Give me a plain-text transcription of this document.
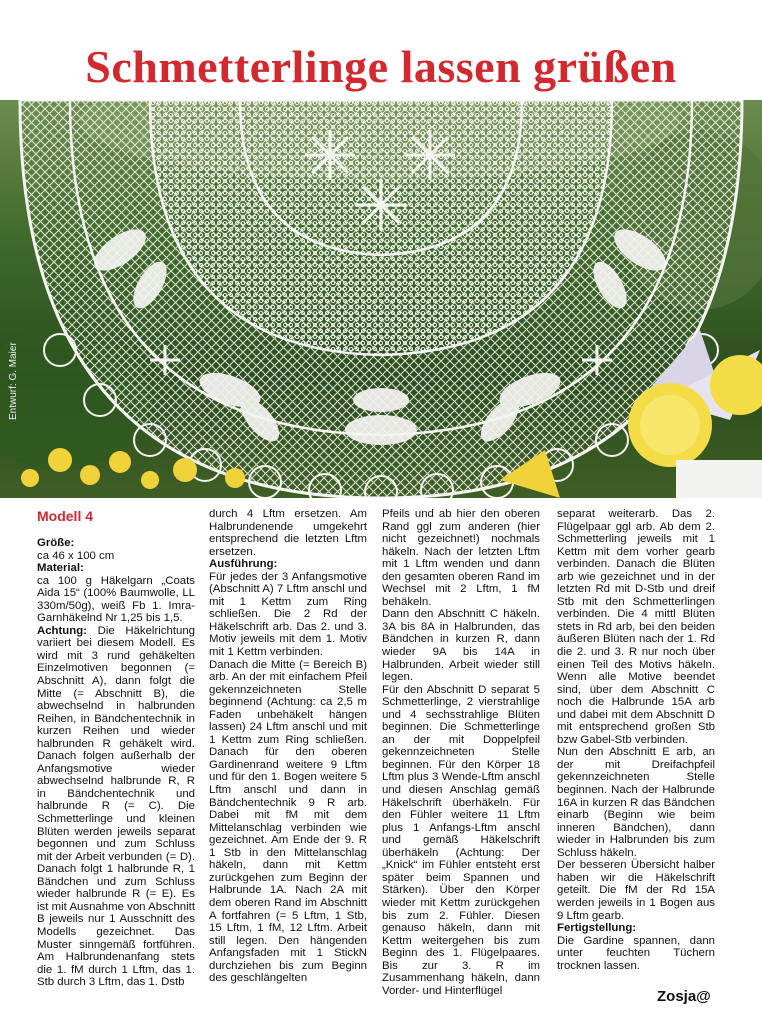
Schmetterlinge lassen grüßen
Entwurf: G. Maier

Modell 4

Größe:

ca 46 x 100 cm

Material:

ca 100 g Häkelgarn „Coats Aida 15“ (100% Baumwolle, LL 330m/50g), weiß Fb 1. Imra-Garnhäkelnd Nr 1,25 bis 1,5.

Achtung: Die Häkelrichtung variiert bei diesem Modell. Es wird mit 3 rund gehäkelten Einzelmotiven begonnen (= Abschnitt A), dann folgt die Mitte (= Abschnitt B), die abwechselnd in halbrunden Reihen, in Bändchentechnik in kurzen Reihen und wieder halbrunden R gehäkelt wird. Danach folgen außerhalb der Anfangsmotive wieder abwechselnd halbrunde R, R in Bändchentechnik und halbrunde R (= C). Die Schmetterlinge und kleinen Blüten werden jeweils separat begonnen und zum Schluss mit der Arbeit verbunden (= D). Danach folgt 1 halbrunde R, 1 Bändchen und zum Schluss wieder halbrunde R (= E). Es ist mit Ausnahme von Abschnitt B jeweils nur 1 Ausschnitt des Modells gezeichnet. Das Muster sinngemäß fortführen. Am Halbrundenanfang stets die 1. fM durch 1 Lftm, das 1. Stb durch 3 Lftm, das 1. Dstb

durch 4 Lftm ersetzen. Am Halbrundenende umgekehrt entsprechend die letzten Lftm ersetzen.

Ausführung:

Für jedes der 3 Anfangsmotive (Abschnitt A) 7 Lftm anschl und mit 1 Kettm zum Ring schließen. Die 2 Rd der Häkelschrift arb. Das 2. und 3. Motiv jeweils mit dem 1. Motiv mit 1 Kettm verbinden.

Danach die Mitte (= Bereich B) arb. An der mit einfachem Pfeil gekennzeichneten Stelle beginnend (Achtung: ca 2,5 m Faden unbehäkelt hängen lassen) 24 Lftm anschl und mit 1 Kettm zum Ring schließen. Danach für den oberen Gardinenrand weitere 9 Lftm und für den 1. Bogen weitere 5 Lftm anschl und dann in Bändchentechnik 9 R arb. Dabei mit fM mit dem Mittelanschlag verbinden wie gezeichnet. Am Ende der 9. R 1 Stb in den Mittelanschlag häkeln, dann mit Kettm zurückgehen zum Beginn der Halbrunde 1A. Nach 2A mit dem oberen Rand im Abschnitt A fortfahren (= 5 Lftm, 1 Stb, 15 Lftm, 1 fM, 12 Lftm. Arbeit still legen. Den hängenden Anfangsfaden mit 1 StickN durchziehen bis zum Beginn des geschlängelten

Pfeils und ab hier den oberen Rand ggl zum anderen (hier nicht gezeichnet!) nochmals häkeln. Nach der letzten Lftm mit 1 Lftm wenden und dann den gesamten oberen Rand im Wechsel mit 2 Lftm, 1 fM behäkeln.

Dann den Abschnitt C häkeln. 3A bis 8A in Halbrunden, das Bändchen in kurzen R, dann wieder 9A bis 14A in Halbrunden. Arbeit wieder still legen.

Für den Abschnitt D separat 5 Schmetterlinge, 2 vierstrahlige und 4 sechsstrahlige Blüten beginnen. Die Schmetterlinge an der mit Doppelpfeil gekennzeichneten Stelle beginnen. Für den Körper 18 Lftm plus 3 Wende-Lftm anschl und diesen Anschlag gemäß Häkelschrift überhäkeln. Für den Fühler weitere 11 Lftm plus 1 Anfangs-Lftm anschl und gemäß Häkelschrift überhäkeln (Achtung: Der „Knick“ im Fühler entsteht erst später beim Spannen und Stärken). Über den Körper wieder mit Kettm zurückgehen bis zum 2. Fühler. Diesen genauso häkeln, dann mit Kettm weitergehen bis zum Beginn des 1. Flügelpaares. Bis zur 3. R im Zusammenhang häkeln, dann Vorder- und Hinterflügel

separat weiterarb. Das 2. Flügelpaar ggl arb. Ab dem 2. Schmetterling jeweils mit 1 Kettm mit dem vorher gearb verbinden. Danach die Blüten arb wie gezeichnet und in der letzten Rd mit D-Stb und dreif Stb mit den Schmetterlingen verbinden. Die 4 mittl Blüten stets in Rd arb, bei den beiden äußeren Blüten nach der 1. Rd die 2. und 3. R nur noch über einen Teil des Motivs häkeln. Wenn alle Motive beendet sind, über dem Abschnitt C noch die Halbrunde 15A arb und dabei mit dem Abschnitt D mit entsprechend großen Stb bzw Gabel-Stb verbinden.

Nun den Abschnitt E arb, an der mit Dreifachpfeil gekennzeichneten Stelle beginnen. Nach der Halbrunde 16A in kurzen R das Bändchen einarb (Beginn wie beim inneren Bändchen), dann wieder in Halbrunden bis zum Schluss häkeln.

Der besseren Übersicht halber haben wir die Häkelschrift geteilt. Die fM der Rd 15A werden jeweils in 1 Bogen aus 9 Lftm gearb.

Fertigstellung:

Die Gardine spannen, dann unter feuchten Tüchern trocknen lassen.

Zosja@
